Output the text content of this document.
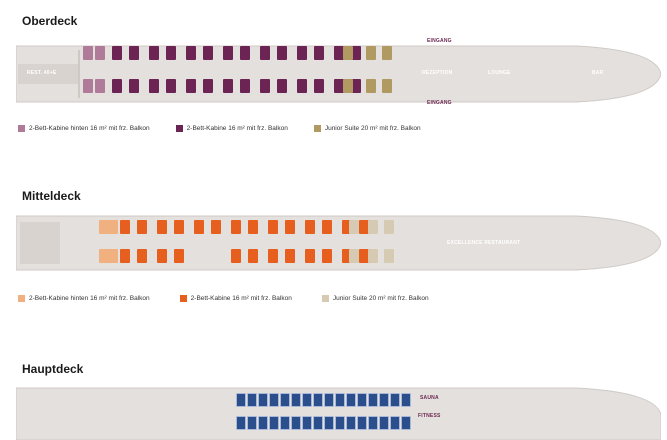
Oberdeck
REST. 40+E
EINGANG
REZEPTION	LOUNGE	BAR
EINGANG
2-Bett-Kabine hinten 16 m² mit frz. Balkon	2-Bett-Kabine 16 m² mit frz. Balkon	Junior Suite 20 m² mit frz. Balkon
Mitteldeck
EXCELLENCE RESTAURANT
2-Bett-Kabine hinten 16 m² mit frz. Balkon	2-Bett-Kabine 16 m² mit frz. Balkon	Junior Suite 20 m² mit frz. Balkon
Hauptdeck
SAUNA
FITNESS
